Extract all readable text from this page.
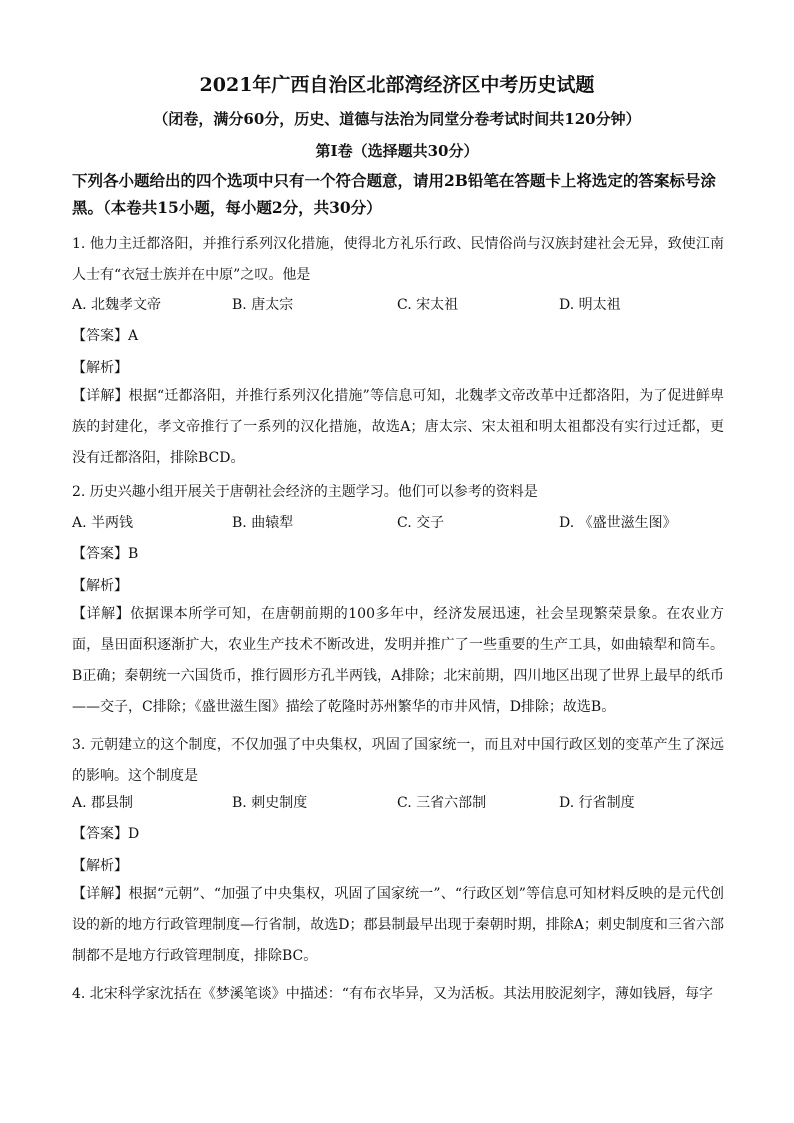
2021年广西自治区北部湾经济区中考历史试题
（闭卷，满分60分，历史、道德与法治为同堂分卷考试时间共120分钟）
第Ⅰ卷（选择题共30分）
下列各小题给出的四个选项中只有一个符合题意，请用2B铅笔在答题卡上将选定的答案标号涂黑。（本卷共15小题，每小题2分，共30分）
1. 他力主迁都洛阳，并推行系列汉化措施，使得北方礼乐行政、民情俗尚与汉族封建社会无异，致使江南人士有“衣冠士族并在中原”之叹。他是
A. 北魏孝文帝	B. 唐太宗	C. 宋太祖	D. 明太祖
【答案】A
【解析】
【详解】根据“迁都洛阳，并推行系列汉化措施”等信息可知，北魏孝文帝改革中迁都洛阳，为了促进鲜卑族的封建化，孝文帝推行了一系列的汉化措施，故选A；唐太宗、宋太祖和明太祖都没有实行过迁都，更没有迁都洛阳，排除BCD。
2. 历史兴趣小组开展关于唐朝社会经济的主题学习。他们可以参考的资料是
A. 半两钱	B. 曲辕犁	C. 交子	D. 《盛世滋生图》
【答案】B
【解析】
【详解】依据课本所学可知，在唐朝前期的100多年中，经济发展迅速，社会呈现繁荣景象。在农业方面，垦田面积逐渐扩大，农业生产技术不断改进，发明并推广了一些重要的生产工具，如曲辕犁和筒车。B正确；秦朝统一六国货币，推行圆形方孔半两钱，A排除；北宋前期，四川地区出现了世界上最早的纸币——交子，C排除；《盛世滋生图》描绘了乾隆时苏州繁华的市井风情，D排除；故选B。
3. 元朝建立的这个制度，不仅加强了中央集权，巩固了国家统一，而且对中国行政区划的变革产生了深远的影响。这个制度是
A. 郡县制	B. 刺史制度	C. 三省六部制	D. 行省制度
【答案】D
【解析】
【详解】根据“元朝”、“加强了中央集权，巩固了国家统一”、“行政区划”等信息可知材料反映的是元代创设的新的地方行政管理制度—行省制，故选D；郡县制最早出现于秦朝时期，排除A；刺史制度和三省六部制都不是地方行政管理制度，排除BC。
4. 北宋科学家沈括在《梦溪笔谈》中描述：“有布衣毕异，又为活板。其法用胶泥刻字，薄如钱唇，每字
